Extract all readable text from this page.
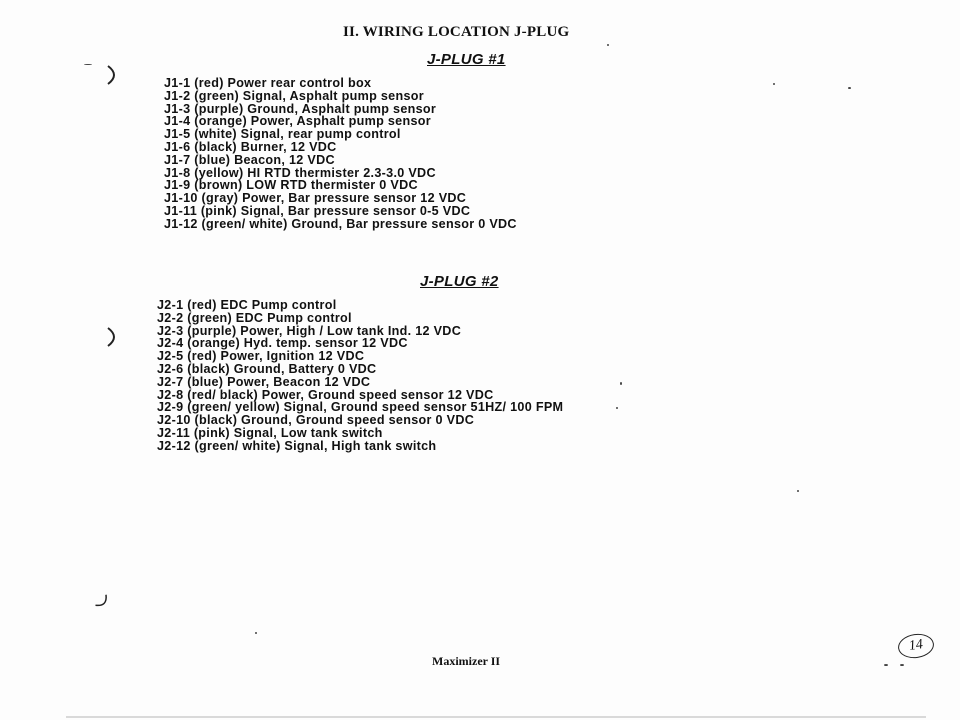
II. WIRING LOCATION J-PLUG
J-PLUG #1
J1-1 (red) Power rear control box
J1-2 (green) Signal, Asphalt pump sensor
J1-3 (purple) Ground, Asphalt pump sensor
J1-4 (orange) Power, Asphalt pump sensor
J1-5 (white) Signal, rear pump control
J1-6 (black) Burner, 12 VDC
J1-7 (blue) Beacon, 12 VDC
J1-8 (yellow) HI RTD thermister 2.3-3.0 VDC
J1-9 (brown) LOW RTD thermister 0 VDC
J1-10 (gray) Power, Bar pressure sensor 12 VDC
J1-11 (pink) Signal, Bar pressure sensor 0-5 VDC
J1-12 (green/ white) Ground, Bar pressure sensor 0 VDC
J-PLUG #2
J2-1 (red) EDC Pump control
J2-2 (green) EDC Pump control
J2-3 (purple) Power, High / Low tank Ind. 12 VDC
J2-4 (orange) Hyd. temp. sensor 12 VDC
J2-5 (red) Power, Ignition 12 VDC
J2-6 (black) Ground, Battery 0 VDC
J2-7 (blue) Power, Beacon 12 VDC
J2-8 (red/ black) Power, Ground speed sensor 12 VDC
J2-9 (green/ yellow) Signal, Ground speed sensor 51HZ/ 100 FPM
J2-10 (black) Ground, Ground speed sensor 0 VDC
J2-11 (pink) Signal, Low tank switch
J2-12 (green/ white) Signal, High tank switch

Maximizer II

14
